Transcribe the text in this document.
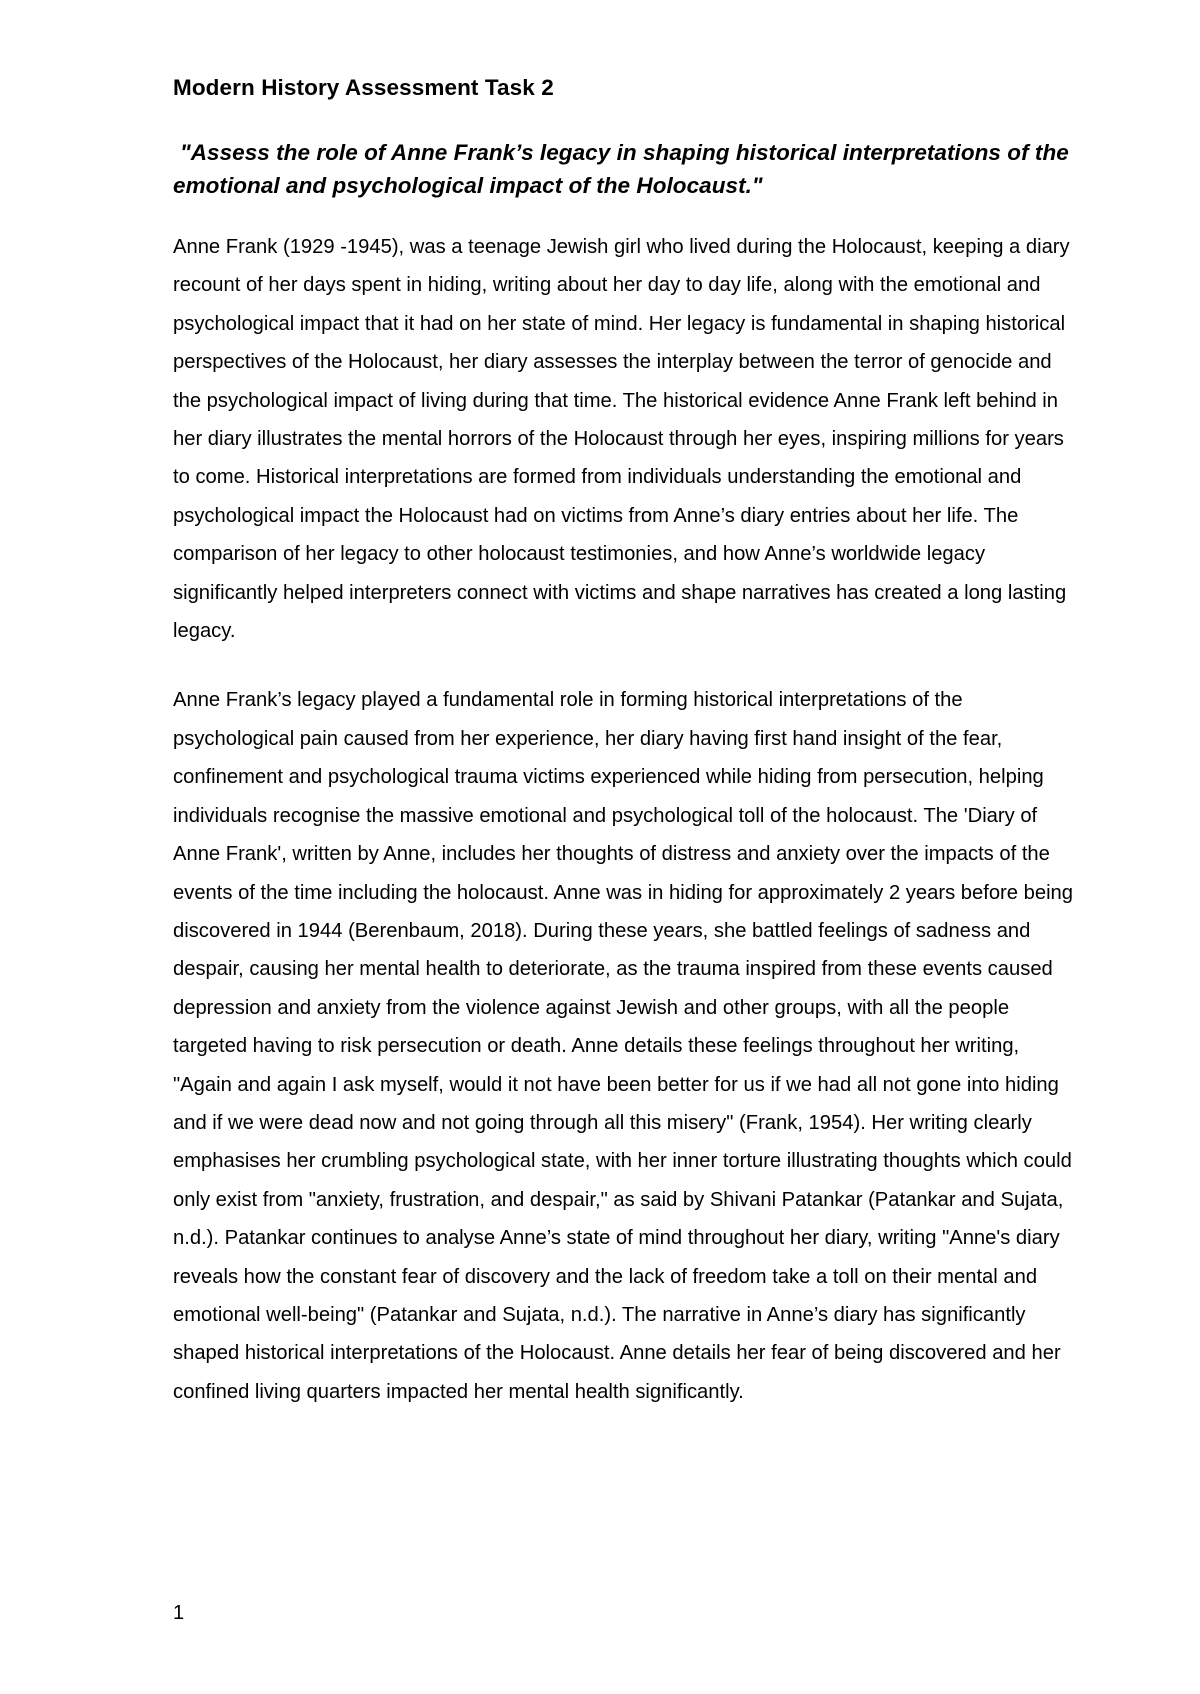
Modern History Assessment Task 2

"Assess the role of Anne Frank’s legacy in shaping historical interpretations of the emotional and psychological impact of the Holocaust."

Anne Frank (1929 -1945), was a teenage Jewish girl who lived during the Holocaust, keeping a diary recount of her days spent in hiding, writing about her day to day life, along with the emotional and psychological impact that it had on her state of mind. Her legacy is fundamental in shaping historical perspectives of the Holocaust, her diary assesses the interplay between the terror of genocide and the psychological impact of living during that time. The historical evidence Anne Frank left behind in her diary illustrates the mental horrors of the Holocaust through her eyes, inspiring millions for years to come. Historical interpretations are formed from individuals understanding the emotional and psychological impact the Holocaust had on victims from Anne’s diary entries about her life. The comparison of her legacy to other holocaust testimonies, and how Anne’s worldwide legacy significantly helped interpreters connect with victims and shape narratives has created a long lasting legacy.

Anne Frank’s legacy played a fundamental role in forming historical interpretations of the psychological pain caused from her experience, her diary having first hand insight of the fear, confinement and psychological trauma victims experienced while hiding from persecution, helping individuals recognise the massive emotional and psychological toll of the holocaust. The 'Diary of Anne Frank', written by Anne, includes her thoughts of distress and anxiety over the impacts of the events of the time including the holocaust. Anne was in hiding for approximately 2 years before being discovered in 1944 (Berenbaum, 2018). During these years, she battled feelings of sadness and despair, causing her mental health to deteriorate, as the trauma inspired from these events caused depression and anxiety from the violence against Jewish and other groups, with all the people targeted having to risk persecution or death. Anne details these feelings throughout her writing, "Again and again I ask myself, would it not have been better for us if we had all not gone into hiding and if we were dead now and not going through all this misery" (Frank, 1954). Her writing clearly emphasises her crumbling psychological state, with her inner torture illustrating thoughts which could only exist from "anxiety, frustration, and despair," as said by Shivani Patankar (Patankar and Sujata, n.d.). Patankar continues to analyse Anne’s state of mind throughout her diary, writing "Anne's diary reveals how the constant fear of discovery and the lack of freedom take a toll on their mental and emotional well-being" (Patankar and Sujata, n.d.). The narrative in Anne’s diary has significantly shaped historical interpretations of the Holocaust. Anne details her fear of being discovered and her confined living quarters impacted her mental health significantly.

1
